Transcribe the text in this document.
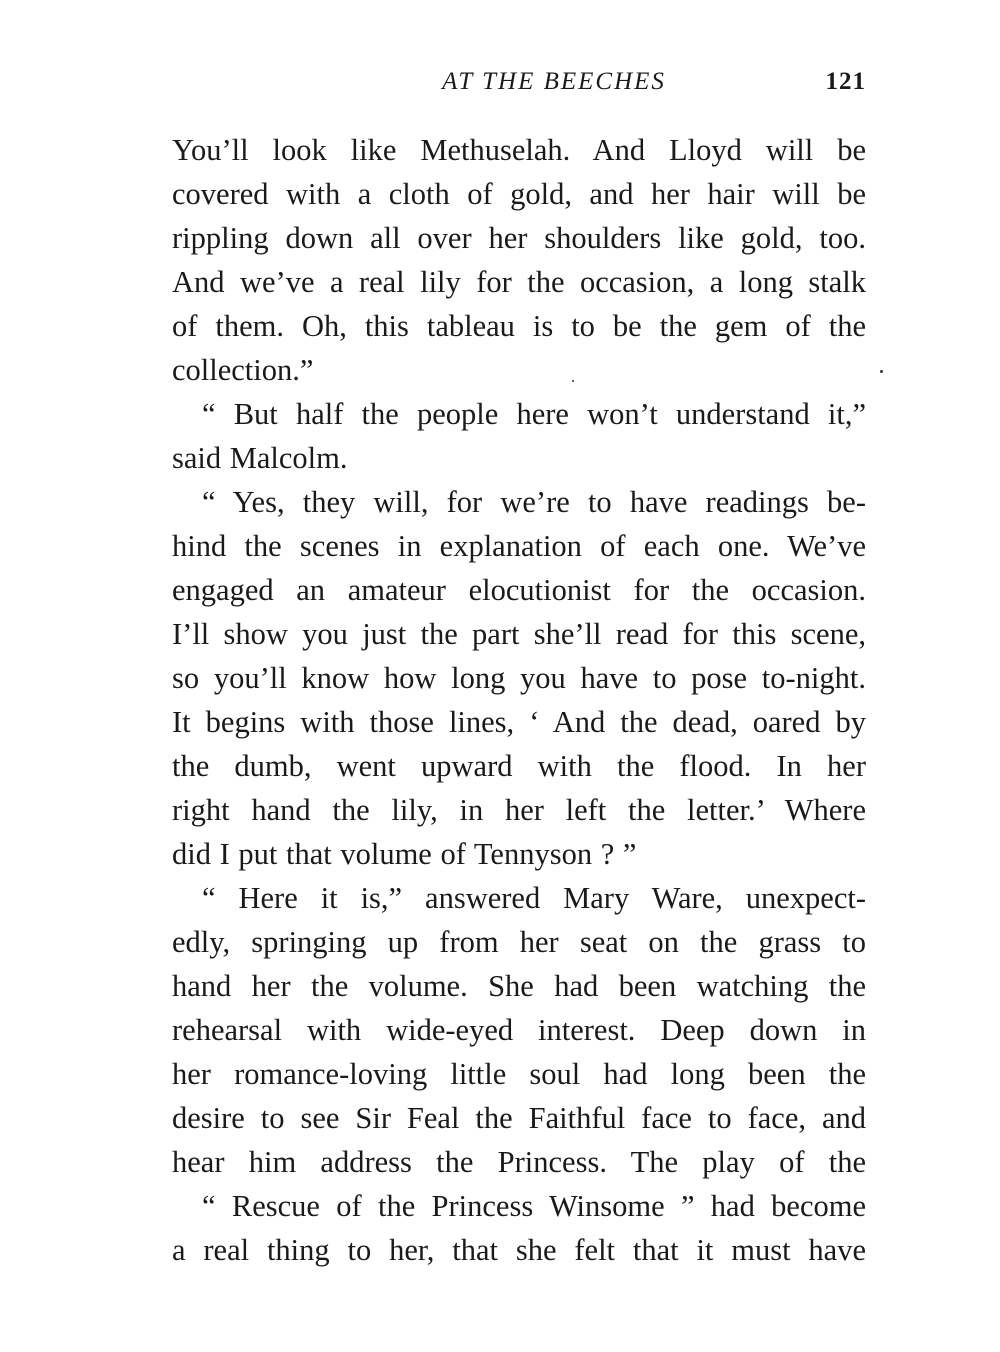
AT THE BEECHES	121
You’ll look like Methuselah. And Lloyd will be
covered with a cloth of gold, and her hair will be
rippling down all over her shoulders like gold, too.
And we’ve a real lily for the occasion, a long stalk
of them. Oh, this tableau is to be the gem of the
collection.”
“ But half the people here won’t understand it,”
said Malcolm.
“ Yes, they will, for we’re to have readings be-
hind the scenes in explanation of each one. We’ve
engaged an amateur elocutionist for the occasion.
I’ll show you just the part she’ll read for this scene,
so you’ll know how long you have to pose to-night.
It begins with those lines, ‘ And the dead, oared by
the dumb, went upward with the flood. In her
right hand the lily, in her left the letter.’ Where
did I put that volume of Tennyson ? ”
“ Here it is,” answered Mary Ware, unexpect-
edly, springing up from her seat on the grass to
hand her the volume. She had been watching the
rehearsal with wide-eyed interest. Deep down in
her romance-loving little soul had long been the
desire to see Sir Feal the Faithful face to face, and
hear him address the Princess. The play of the
“ Rescue of the Princess Winsome ” had become
a real thing to her, that she felt that it must have
